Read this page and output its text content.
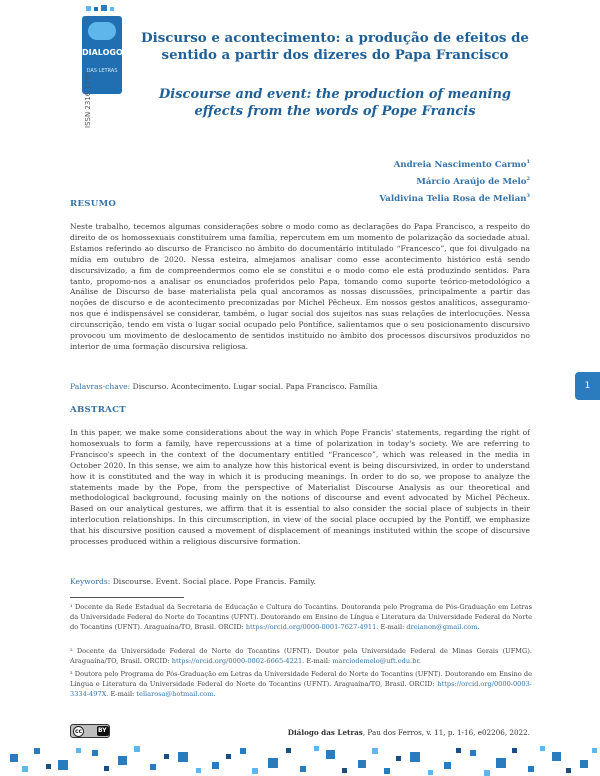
DIALOGO
DAS LETRAS
ISSN 2316-1795
Discurso e acontecimento: a produção de efeitos de sentido a partir dos dizeres do Papa Francisco
Discourse and event: the production of meaning effects from the words of Pope Francis
Andreia Nascimento Carmo$^1$
Márcio Araújo de Melo$^2$
Valdivina Telia Rosa de Melian$^3$
RESUMO
Neste trabalho, tecemos algumas considerações sobre o modo como as declarações do Papa Francisco, a respeito do direito de os homossexuais constituírem uma família, repercutem em um momento de polarização da sociedade atual. Estamos referindo ao discurso de Francisco no âmbito do documentário intitulado “Francesco”, que foi divulgado na mídia em outubro de 2020. Nessa esteira, almejamos analisar como esse acontecimento histórico está sendo discursivizado, a fim de compreendermos como ele se constitui e o modo como ele está produzindo sentidos. Para tanto, propomo-nos a analisar os enunciados proferidos pelo Papa, tomando como suporte teórico-metodológico a Análise de Discurso de base materialista pela qual ancoramos as nossas discussões, principalmente a partir das noções de discurso e de acontecimento preconizadas por Michel Pêcheux. Em nossos gestos analíticos, asseguramo-nos que é indispensável se considerar, também, o lugar social dos sujeitos nas suas relações de interlocuções. Nessa circunscrição, tendo em vista o lugar social ocupado pelo Pontífice, salientamos que o seu posicionamento discursivo provocou um movimento de deslocamento de sentidos instituído no âmbito dos processos discursivos produzidos no interior de uma formação discursiva religiosa.
Palavras-chave: Discurso. Acontecimento. Lugar social. Papa Francisco. Família
ABSTRACT
In this paper, we make some considerations about the way in which Pope Francis' statements, regarding the right of homosexuals to form a family, have repercussions at a time of polarization in today's society. We are referring to Francisco's speech in the context of the documentary entitled “Francesco”, which was released in the media in October 2020. In this sense, we aim to analyze how this historical event is being discursivized, in order to understand how it is constituted and the way in which it is producing meanings. In order to do so, we propose to analyze the statements made by the Pope, from the perspective of Materialist Discourse Analysis as our theoretical and methodological background, focusing mainly on the notions of discourse and event advocated by Michel Pêcheux. Based on our analytical gestures, we affirm that it is essential to also consider the social place of subjects in their interlocution relationships. In this circumscription, in view of the social place occupied by the Pontiff, we emphasize that his discursive position caused a movement of displacement of meanings instituted within the scope of discursive processes produced within a religious discursive formation.
Keywords: Discourse. Event. Social place. Pope Francis. Family.
¹ Docente da Rede Estadual da Secretaria de Educação e Cultura do Tocantins. Doutoranda pelo Programa de Pós-Graduação em Letras da Universidade Federal do Norte do Tocantins (UFNT). Doutorando em Ensino de Língua e Literatura da Universidade Federal do Norte do Tocantins (UFNT). Araguaína/TO, Brasil. ORCID: https://orcid.org/0000-0001-7627-4911. E-mail: dreianon@gmail.com.
² Docente da Universidade Federal do Norte do Tocantins (UFNT). Doutor pela Universidade Federal de Minas Gerais (UFMG). Araguaína/TO, Brasil. ORCID: https://orcid.org/0000-0002-6665-4221. E-mail: marciodemelo@uft.edu.br.
³ Doutora pelo Programa de Pós-Graduação em Letras da Universidade Federal do Norte do Tocantins (UFNT). Doutorando em Ensino de Língua e Literatura da Universidade Federal do Norte do Tocantins (UFNT). Araguaína/TO, Brasil. ORCID: https://orcid.org/0000-0003-3334-497X. E-mail: teliarosa@hotmail.com.
1
cc	BY	Diálogo das Letras, Pau dos Ferros, v. 11, p. 1-16, e02206, 2022.
